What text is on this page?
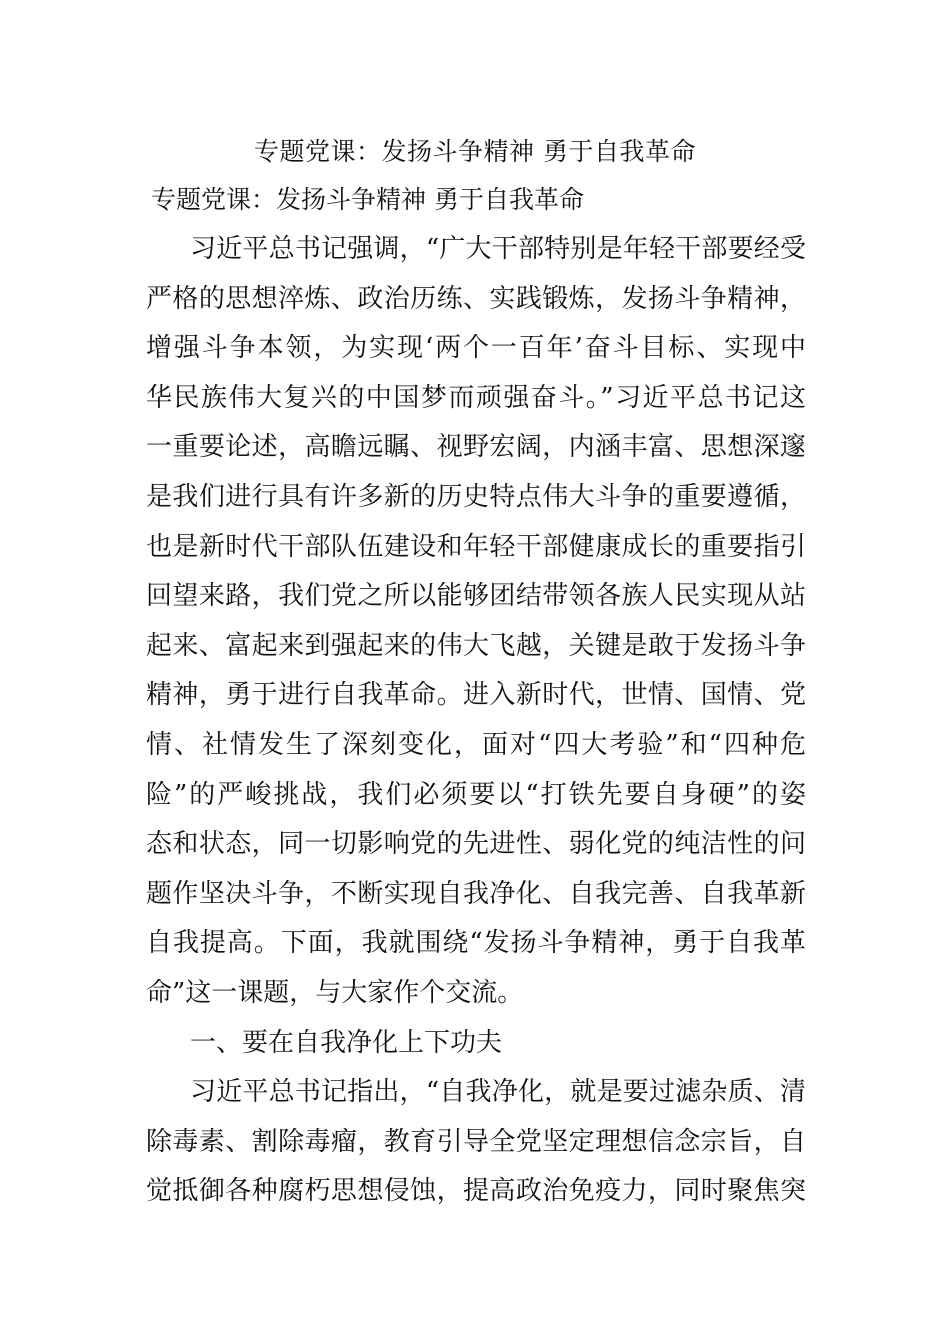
专题党课：发扬斗争精神 勇于自我革命
专题党课：发扬斗争精神 勇于自我革命
习近平总书记强调，“广大干部特别是年轻干部要经受
严格的思想淬炼、政治历练、实践锻炼，发扬斗争精神，
增强斗争本领，为实现‘两个一百年’奋斗目标、实现中
华民族伟大复兴的中国梦而顽强奋斗。”习近平总书记这
一重要论述，高瞻远瞩、视野宏阔，内涵丰富、思想深邃
是我们进行具有许多新的历史特点伟大斗争的重要遵循，
也是新时代干部队伍建设和年轻干部健康成长的重要指引
回望来路，我们党之所以能够团结带领各族人民实现从站
起来、富起来到强起来的伟大飞越，关键是敢于发扬斗争
精神，勇于进行自我革命。进入新时代，世情、国情、党
情、社情发生了深刻变化，面对“四大考验”和“四种危
险”的严峻挑战，我们必须要以“打铁先要自身硬”的姿
态和状态，同一切影响党的先进性、弱化党的纯洁性的问
题作坚决斗争，不断实现自我净化、自我完善、自我革新
自我提高。下面，我就围绕“发扬斗争精神，勇于自我革
命”这一课题，与大家作个交流。
一、要在自我净化上下功夫
习近平总书记指出，“自我净化，就是要过滤杂质、清
除毒素、割除毒瘤，教育引导全党坚定理想信念宗旨，自
觉抵御各种腐朽思想侵蚀，提高政治免疫力，同时聚焦突
